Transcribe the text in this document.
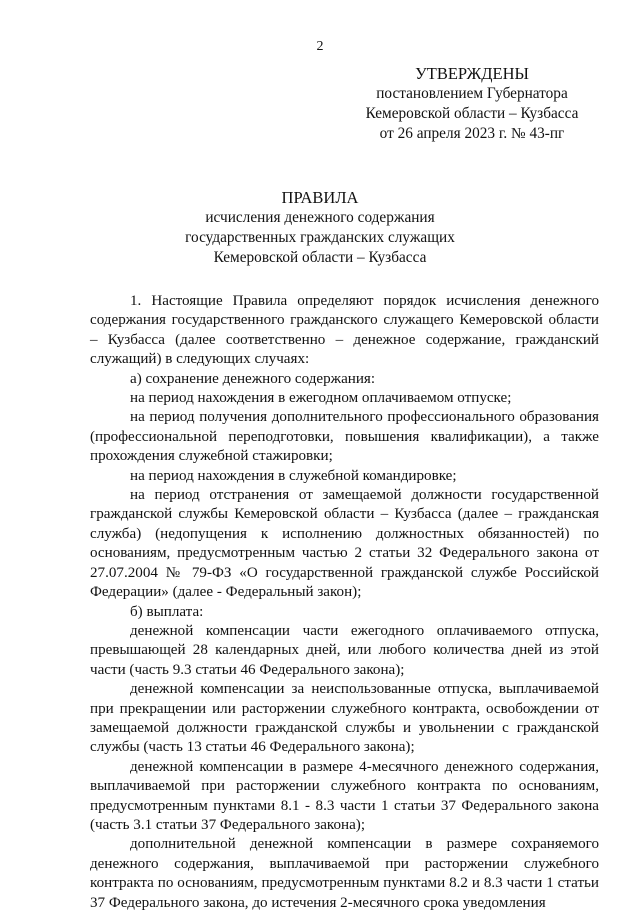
2
УТВЕРЖДЕНЫ
постановлением Губернатора
Кемеровской области – Кузбасса
от 26 апреля 2023 г. № 43-пг
ПРАВИЛА
исчисления денежного содержания
государственных гражданских служащих
Кемеровской области – Кузбасса

1. Настоящие Правила определяют порядок исчисления денежного содержания государственного гражданского служащего Кемеровской области – Кузбасса (далее соответственно – денежное содержание, гражданский служащий) в следующих случаях:

а) сохранение денежного содержания:

на период нахождения в ежегодном оплачиваемом отпуске;

на период получения дополнительного профессионального образования (профессиональной переподготовки, повышения квалификации), а также прохождения служебной стажировки;

на период нахождения в служебной командировке;

на период отстранения от замещаемой должности государственной гражданской службы Кемеровской области – Кузбасса (далее – гражданская служба) (недопущения к исполнению должностных обязанностей) по основаниям, предусмотренным частью 2 статьи 32 Федерального закона от 27.07.2004 № 79-ФЗ «О государственной гражданской службе Российской Федерации» (далее - Федеральный закон);

б) выплата:

денежной компенсации части ежегодного оплачиваемого отпуска, превышающей 28 календарных дней, или любого количества дней из этой части (часть 9.3 статьи 46 Федерального закона);

денежной компенсации за неиспользованные отпуска, выплачиваемой при прекращении или расторжении служебного контракта, освобождении от замещаемой должности гражданской службы и увольнении с гражданской службы (часть 13 статьи 46 Федерального закона);

денежной компенсации в размере 4-месячного денежного содержания, выплачиваемой при расторжении служебного контракта по основаниям, предусмотренным пунктами 8.1 - 8.3 части 1 статьи 37 Федерального закона (часть 3.1 статьи 37 Федерального закона);

дополнительной денежной компенсации в размере сохраняемого денежного содержания, выплачиваемой при расторжении служебного контракта по основаниям, предусмотренным пунктами 8.2 и 8.3 части 1 статьи 37 Федерального закона, до истечения 2-месячного срока уведомления
